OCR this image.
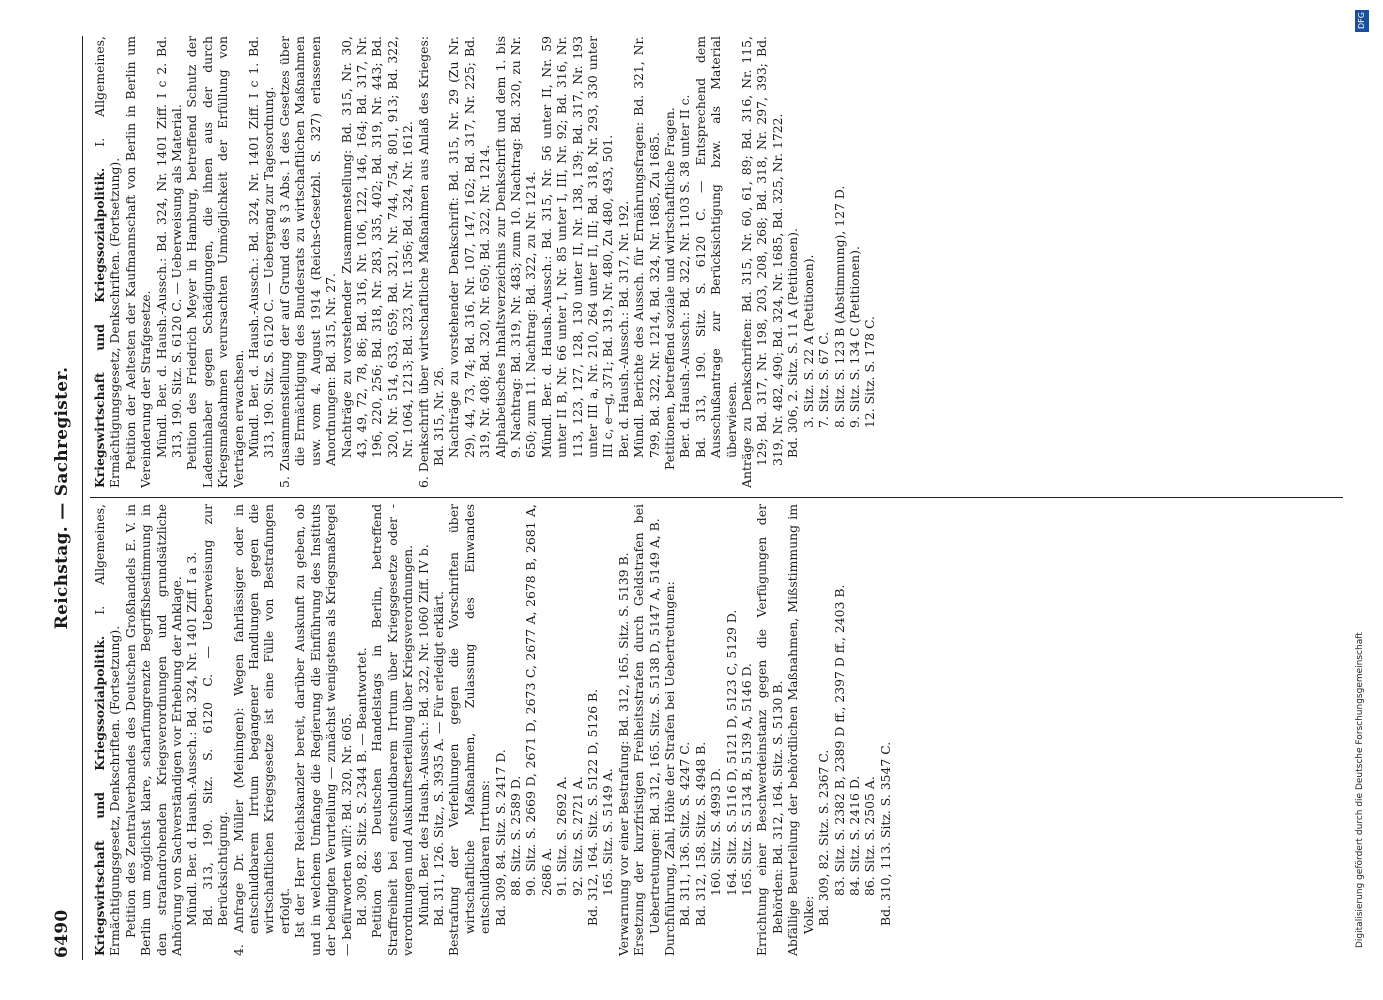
6490
Reichstag. — Sachregister.

Kriegswirtschaft und Kriegssozialpolitik. I. Allgemeines, Ermächtigungsgesetz, Denkschriften. (Fortsetzung). Petition des Zentralverbandes des Deutschen Großhandels E. V. in Berlin um möglichst klare, scharfumgrenzte Begriffsbestimmung in den strafandrohenden Kriegsverordnungen und grundsätzliche Anhörung von Sachverständigen vor Erhebung der Anklage. Mündl. Ber. d. Haush.-Aussch.: Bd. 324, Nr. 1401 Ziff. I a 3. Bd. 313, 190. Sitz. S. 6120 C. — Ueberweisung zur Berücksichtigung. 4. Anfrage Dr. Müller (Meiningen): Wegen fahrlässiger oder in entschuldbarem Irrtum begangener Handlungen gegen die wirtschaftlichen Kriegsgesetze ist eine Fülle von Bestrafungen erfolgt. Ist der Herr Reichskanzler bereit, darüber Auskunft zu geben, ob und in welchem Umfange die Regierung die Einführung des Instituts der bedingten Verurteilung — zunächst wenigstens als Kriegsmaßregel — befürworten will?: Bd. 320, Nr. 605. Bd. 309, 82. Sitz. S. 2344 B. — Beantwortet. Petition des Deutschen Handelstags in Berlin, betreffend Straffreiheit bei entschuldbarem Irrtum über Kriegsgesetze oder -verordnungen und Auskunftserteilung über Kriegsverordnungen. Mündl. Ber. des Haush.-Aussch.: Bd. 322, Nr. 1060 Ziff. IV b. Bd. 311, 126. Sitz., S. 3935 A. — Für erledigt erklärt. Bestrafung der Verfehlungen gegen die Vorschriften über wirtschaftliche Maßnahmen, Zulassung des Einwandes entschuldbaren Irrtums: Bd. 309, 84. Sitz. S. 2417 D. 88. Sitz. S. 2589 D. 90. Sitz. S. 2669 D, 2671 D, 2673 C, 2677 A, 2678 B, 2681 A, 2686 A. 91. Sitz. S. 2692 A. 92. Sitz. S. 2721 A. Bd. 312, 164. Sitz. S. 5122 D, 5126 B. 165. Sitz. S. 5149 A. Verwarnung vor einer Bestrafung: Bd. 312, 165. Sitz. S. 5139 B. Ersetzung der kurzfristigen Freiheitsstrafen durch Geldstrafen bei Uebertretungen: Bd. 312, 165. Sitz. S. 5138 D, 5147 A, 5149 A, B. Durchführung, Zahl, Höhe der Strafen bei Uebertretungen: Bd. 311, 136. Sitz. S. 4247 C. Bd. 312, 158. Sitz. S. 4948 B. 160. Sitz. S. 4993 D. 164. Sitz. S. 5116 D, 5121 D, 5123 C, 5129 D. 165. Sitz. S. 5134 B, 5139 A, 5146 D. Errichtung einer Beschwerdeinstanz gegen die Verfügungen der Behörden: Bd. 312, 164. Sitz. S. 5130 B. Abfällige Beurteilung der behördlichen Maßnahmen, Mißstimmung im Volke: Bd. 309, 82. Sitz. S. 2367 C. 83. Sitz. S. 2382 B, 2389 D ff., 2397 D ff., 2403 B. 84. Sitz. S. 2416 D. 86. Sitz. S. 2505 A. Bd. 310, 113. Sitz. S. 3547 C.

Kriegswirtschaft und Kriegssozialpolitik. I. Allgemeines, Ermächtigungsgesetz, Denkschriften. (Fortsetzung). Petition der Aeltesten der Kaufmannschaft von Berlin in Berlin um Vereinderung der Strafgesetze. Mündl. Ber. d. Haush.-Aussch.: Bd. 324, Nr. 1401 Ziff. I c 2. Bd. 313, 190. Sitz. S. 6120 C. — Ueberweisung als Material. Petition des Friedrich Meyer in Hamburg, betreffend Schutz der Ladeninhaber gegen Schädigungen, die ihnen aus der durch Kriegsmaßnahmen verursachten Unmöglichkeit der Erfüllung von Verträgen erwachsen. Mündl. Ber. d. Haush.-Aussch.: Bd. 324, Nr. 1401 Ziff. I c 1. Bd. 313, 190. Sitz. S. 6120 C. — Uebergang zur Tagesordnung. 5. Zusammenstellung der auf Grund des § 3 Abs. 1 des Gesetzes über die Ermächtigung des Bundesrats zu wirtschaftlichen Maßnahmen usw. vom 4. August 1914 (Reichs-Gesetzbl. S. 327) erlassenen Anordnungen: Bd. 315, Nr. 27. Nachträge zu vorstehender Zusammenstellung: Bd. 315, Nr. 30, 43, 49, 72, 78, 86; Bd. 316, Nr. 106, 122, 146, 164; Bd. 317, Nr. 196, 220, 256; Bd. 318, Nr. 283, 335, 402; Bd. 319, Nr. 443; Bd. 320, Nr. 514, 633, 659; Bd. 321, Nr. 744, 754, 801, 913; Bd. 322, Nr. 1064, 1213; Bd. 323, Nr. 1356; Bd. 324, Nr. 1612. 6. Denkschrift über wirtschaftliche Maßnahmen aus Anlaß des Krieges: Bd. 315, Nr. 26. Nachträge zu vorstehender Denkschrift: Bd. 315, Nr. 29 (Zu Nr. 29), 44, 73, 74; Bd. 316, Nr. 107, 147, 162; Bd. 317, Nr. 225; Bd. 319, Nr. 408; Bd. 320, Nr. 650; Bd. 322, Nr. 1214. Alphabetisches Inhaltsverzeichnis zur Denkschrift und dem 1. bis 9. Nachtrag: Bd. 319, Nr. 483; zum 10. Nachtrag: Bd. 320, zu Nr. 650; zum 11. Nachtrag: Bd. 322, zu Nr. 1214. Mündl. Ber. d. Haush.-Aussch.: Bd. 315, Nr. 56 unter II, Nr. 59 unter II B, Nr. 66 unter I, Nr. 85 unter I, III, Nr. 92; Bd. 316, Nr. 113, 123, 127, 128, 130 unter II, Nr. 138, 139; Bd. 317, Nr. 193 unter III a, Nr. 210, 264 unter II, III; Bd. 318, Nr. 293, 330 unter III c, e—g, 371; Bd. 319, Nr. 480, Zu 480, 493, 501. Ber. d. Haush.-Aussch.: Bd. 317, Nr. 192. Mündl. Berichte des Aussch. für Ernährungsfragen: Bd. 321, Nr. 799, Bd. 322, Nr. 1214, Bd. 324, Nr. 1685, Zu 1685. Petitionen, betreffend soziale und wirtschaftliche Fragen. Ber. d. Haush.-Aussch.: Bd. 322, Nr. 1103 S. 38 unter II c. Bd. 313, 190. Sitz. S. 6120 C. — Entsprechend dem Ausschußantrage zur Berücksichtigung bzw. als Material überwiesen. Anträge zu Denkschriften: Bd. 315, Nr. 60, 61, 89; Bd. 316, Nr. 115, 129; Bd. 317, Nr. 198, 203, 208, 268; Bd. 318, Nr. 297, 393; Bd. 319, Nr. 482, 490; Bd. 324, Nr. 1685, Bd. 325, Nr. 1722. Bd. 306, 2. Sitz. S. 11 A (Petitionen). 3. Sitz. S. 22 A (Petitionen). 7. Sitz. S. 67 C. 8. Sitz. S. 123 B (Abstimmung), 127 D. 9. Sitz. S. 134 C (Petitionen). 12. Sitz. S. 178 C.

DFG
Digitalisierung gefördert durch die Deutsche Forschungsgemeinschaft
